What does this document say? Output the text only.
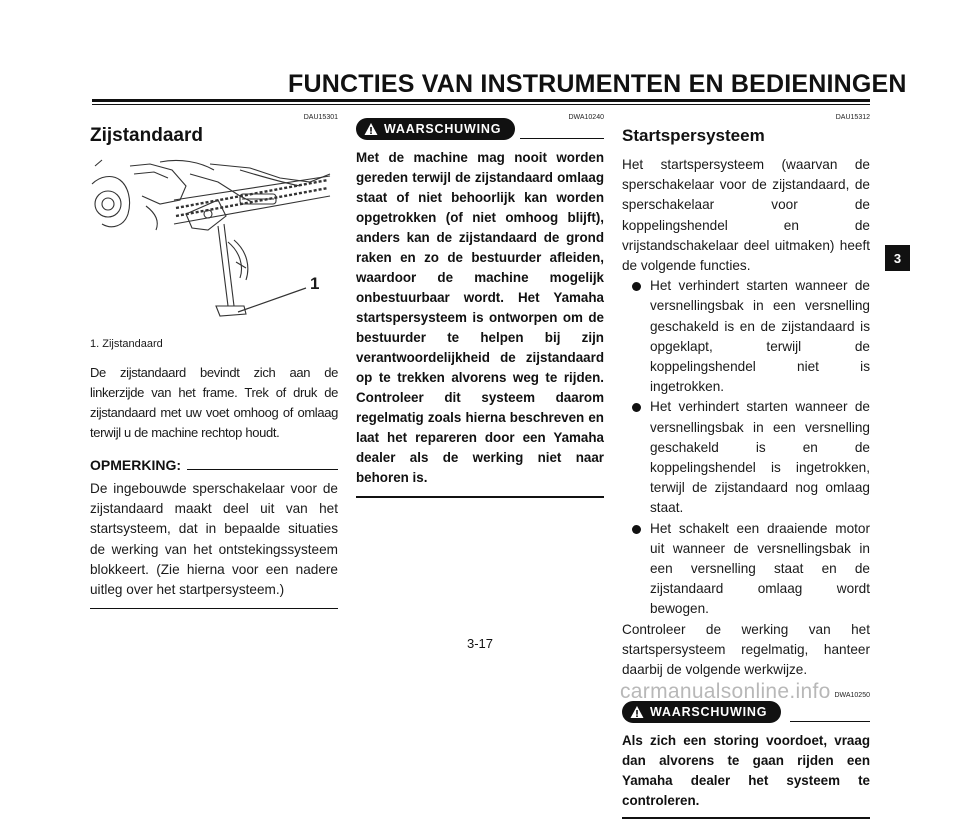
FUNCTIES VAN INSTRUMENTEN EN BEDIENINGEN
DAU15301
Zijstandaard
1
1. Zijstandaard

De zijstandaard bevindt zich aan de linkerzijde van het frame. Trek of druk de zijstandaard met uw voet omhoog of omlaag terwijl u de machine rechtop houdt.

OPMERKING:

De ingebouwde sperschakelaar voor de zijstandaard maakt deel uit van het startsysteem, dat in bepaalde situaties de werking van het ontstekingssysteem blokkeert. (Zie hierna voor een nadere uitleg over het startpersysteem.)

DWA10240
WAARSCHUWING

Met de machine mag nooit worden gereden terwijl de zijstandaard omlaag staat of niet behoorlijk kan worden opgetrokken (of niet omhoog blijft), anders kan de zijstandaard de grond raken en zo de bestuurder afleiden, waardoor de machine mogelijk onbestuurbaar wordt. Het Yamaha startspersysteem is ontworpen om de bestuurder te helpen bij zijn verantwoordelijkheid de zijstandaard op te trekken alvorens weg te rijden. Controleer dit systeem daarom regelmatig zoals hierna beschreven en laat het repareren door een Yamaha dealer als de werking niet naar behoren is.

DAU15312
Startspersysteem

Het startspersysteem (waarvan de sperschakelaar voor de zijstandaard, de sperschakelaar voor de koppelingshendel en de vrijstandschakelaar deel uitmaken) heeft de volgende functies.

Het verhindert starten wanneer de versnellingsbak in een versnelling geschakeld is en de zijstandaard is opgeklapt, terwijl de koppelingshendel niet is ingetrokken.
Het verhindert starten wanneer de versnellingsbak in een versnelling geschakeld is en de koppelingshendel is ingetrokken, terwijl de zijstandaard nog omlaag staat.
Het schakelt een draaiende motor uit wanneer de versnellingsbak in een versnelling staat en de zijstandaard omlaag wordt bewogen.

Controleer de werking van het startspersysteem regelmatig, hanteer daarbij de volgende werkwijze.

DWA10250
WAARSCHUWING

Als zich een storing voordoet, vraag dan alvorens te gaan rijden een Yamaha dealer het systeem te controleren.

3
3-17
carmanualsonline.info
